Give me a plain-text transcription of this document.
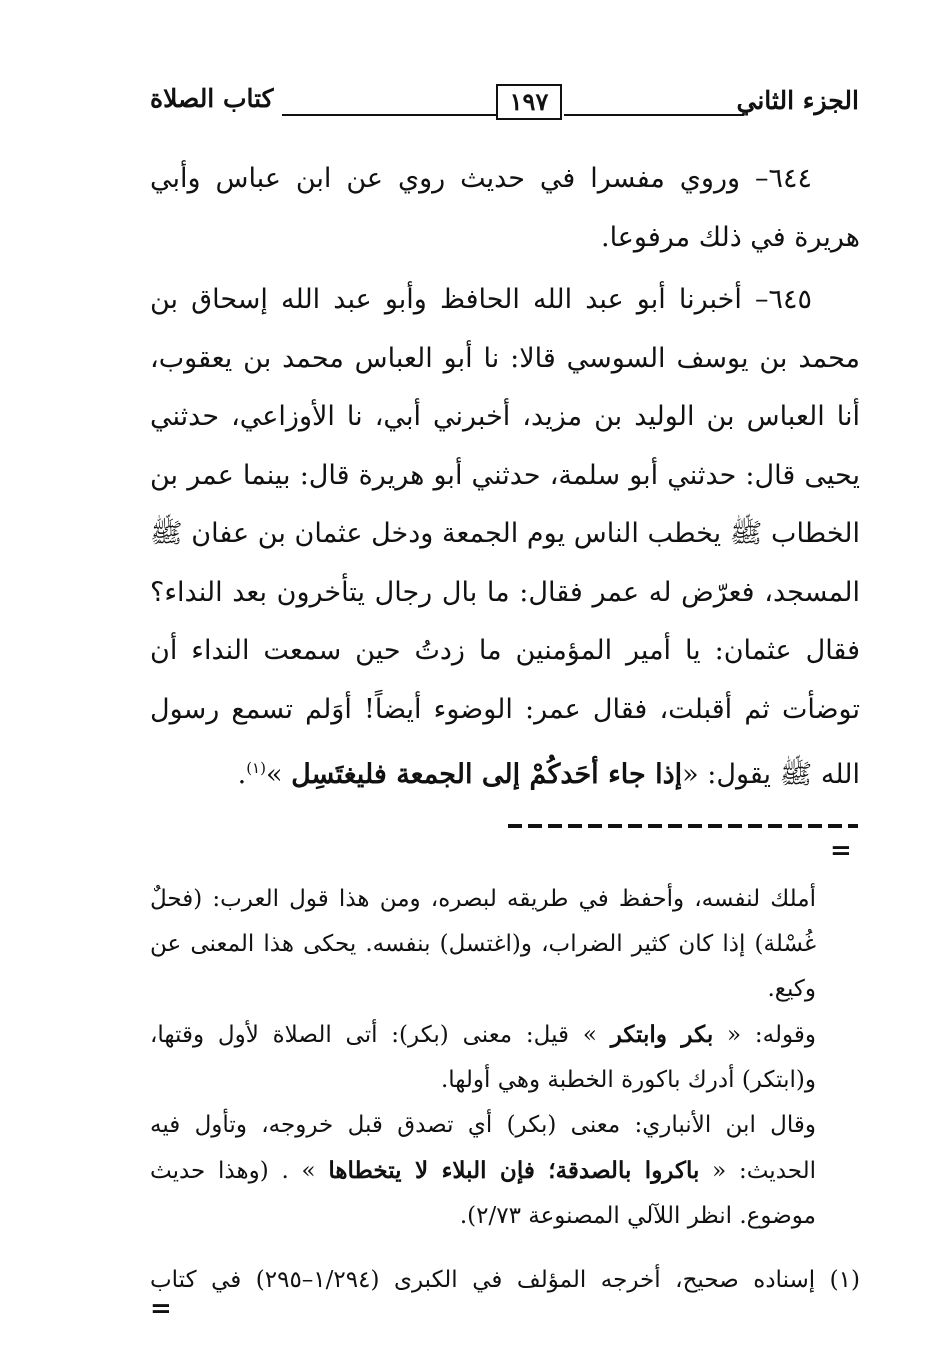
الجزء الثاني
١٩٧
كتاب الصلاة

٦٤٤– وروي مفسرا في حديث روي عن ابن عباس وأبي هريرة في ذلك مرفوعا.

٦٤٥– أخبرنا أبو عبد الله الحافظ وأبو عبد الله إسحاق بن محمد بن يوسف السوسي قالا: نا أبو العباس محمد بن يعقوب، أنا العباس بن الوليد بن مزيد، أخبرني أبي، نا الأوزاعي، حدثني يحيى قال: حدثني أبو سلمة، حدثني أبو هريرة قال: بينما عمر بن الخطاب ﷺ يخطب الناس يوم الجمعة ودخل عثمان بن عفان ﷺ المسجد، فعرّض له عمر فقال: ما بال رجال يتأخرون بعد النداء؟ فقال عثمان: يا أمير المؤمنين ما زدتُ حين سمعت النداء أن توضأت ثم أقبلت، فقال عمر: الوضوء أيضاً! أوَلم تسمع رسول الله ﷺ يقول: «إذا جاء أحَدكُمْ إلى الجمعة فليغتَسِل »$^{(١)}$.

=

أملك لنفسه، وأحفظ في طريقه لبصره، ومن هذا قول العرب: (فحلٌ غُسْلة) إذا كان كثير الضراب، و(اغتسل) بنفسه. يحكى هذا المعنى عن وكيع.

وقوله: « بكر وابتكر » قيل: معنى (بكر): أتى الصلاة لأول وقتها، و(ابتكر) أدرك باكورة الخطبة وهي أولها.

وقال ابن الأنباري: معنى (بكر) أي تصدق قبل خروجه، وتأول فيه الحديث: « باكروا بالصدقة؛ فإن البلاء لا يتخطاها » . (وهذا حديث موضوع. انظر اللآلي المصنوعة ٢/٧٣).

(١) إسناده صحيح، أخرجه المؤلف في الكبرى (١/٢٩٤–٢٩٥) في كتاب
=
